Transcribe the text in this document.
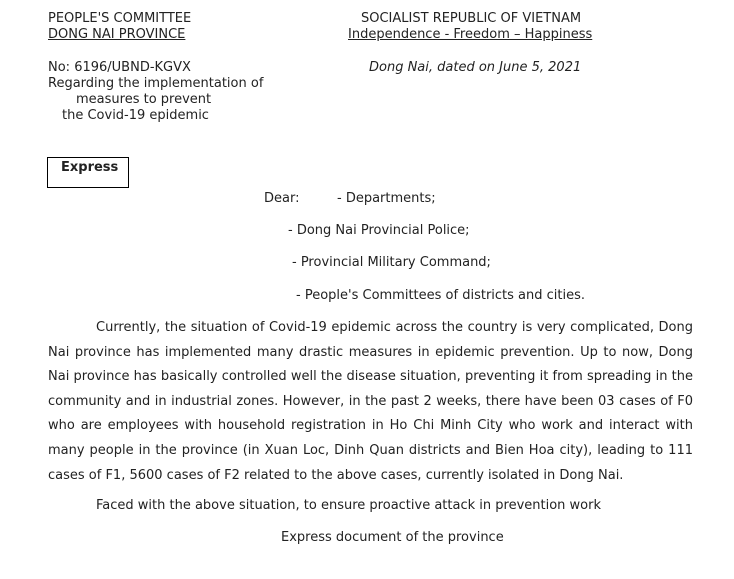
PEOPLE'S COMMITTEE
DONG NAI PROVINCE
No: 6196/UBND-KGVX
Regarding the implementation of
measures to prevent
the Covid-19 epidemic
SOCIALIST REPUBLIC OF VIETNAM
Independence - Freedom – Happiness
Dong Nai, dated on June 5, 2021
Express
Dear:	- Departments;
- Dong Nai Provincial Police;
- Provincial Military Command;
- People's Committees of districts and cities.
Currently, the situation of Covid-19 epidemic across the country is very complicated, Dong Nai province has implemented many drastic measures in epidemic prevention. Up to now, Dong Nai province has basically controlled well the disease situation, preventing it from spreading in the community and in industrial zones. However, in the past 2 weeks, there have been 03 cases of F0 who are employees with household registration in Ho Chi Minh City who work and interact with many people in the province (in Xuan Loc, Dinh Quan districts and Bien Hoa city), leading to 111 cases of F1, 5600 cases of F2 related to the above cases, currently isolated in Dong Nai.
Faced with the above situation, to ensure proactive attack in prevention work
Express document of the province
